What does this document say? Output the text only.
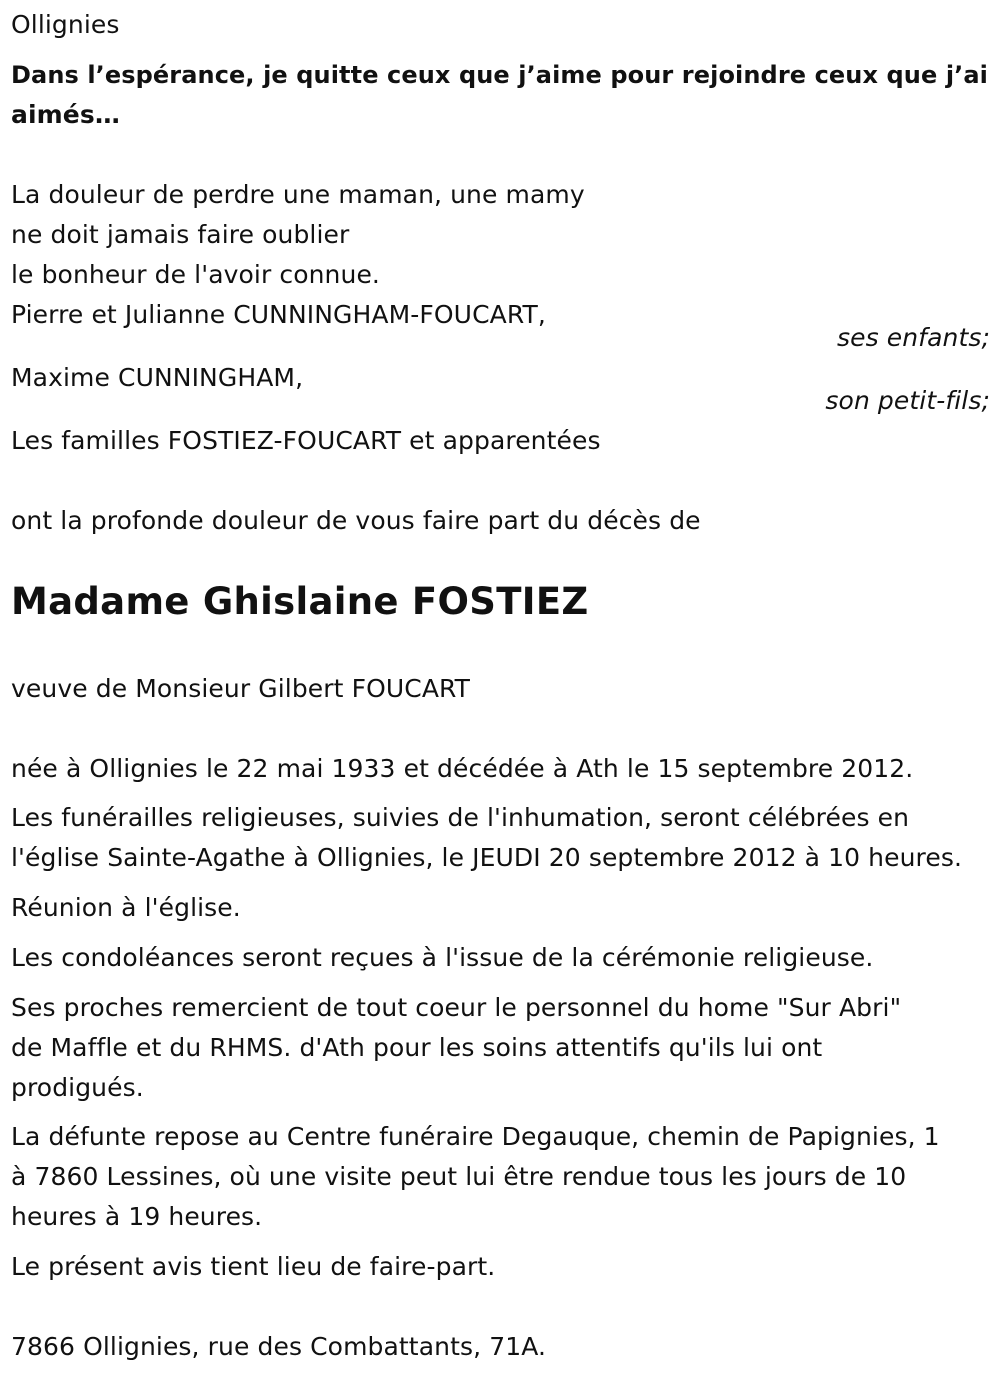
Ollignies
Dans l’espérance, je quitte ceux que j’aime pour rejoindre ceux que j’ai
aimés…
La douleur de perdre une maman, une mamy
ne doit jamais faire oublier
le bonheur de l'avoir connue.
Pierre et Julianne CUNNINGHAM-FOUCART,
ses enfants;
Maxime CUNNINGHAM,
son petit-fils;
Les familles FOSTIEZ-FOUCART et apparentées
ont la profonde douleur de vous faire part du décès de
Madame Ghislaine FOSTIEZ
veuve de Monsieur Gilbert FOUCART
née à Ollignies le 22 mai 1933 et décédée à Ath le 15 septembre 2012.
Les funérailles religieuses, suivies de l'inhumation, seront célébrées en
l'église Sainte-Agathe à Ollignies, le JEUDI 20 septembre 2012 à 10 heures.
Réunion à l'église.
Les condoléances seront reçues à l'issue de la cérémonie religieuse.
Ses proches remercient de tout coeur le personnel du home "Sur Abri"
de Maffle et du RHMS. d'Ath pour les soins attentifs qu'ils lui ont
prodigués.
La défunte repose au Centre funéraire Degauque, chemin de Papignies, 1
à 7860 Lessines, où une visite peut lui être rendue tous les jours de 10
heures à 19 heures.
Le présent avis tient lieu de faire-part.
7866 Ollignies, rue des Combattants, 71A.
